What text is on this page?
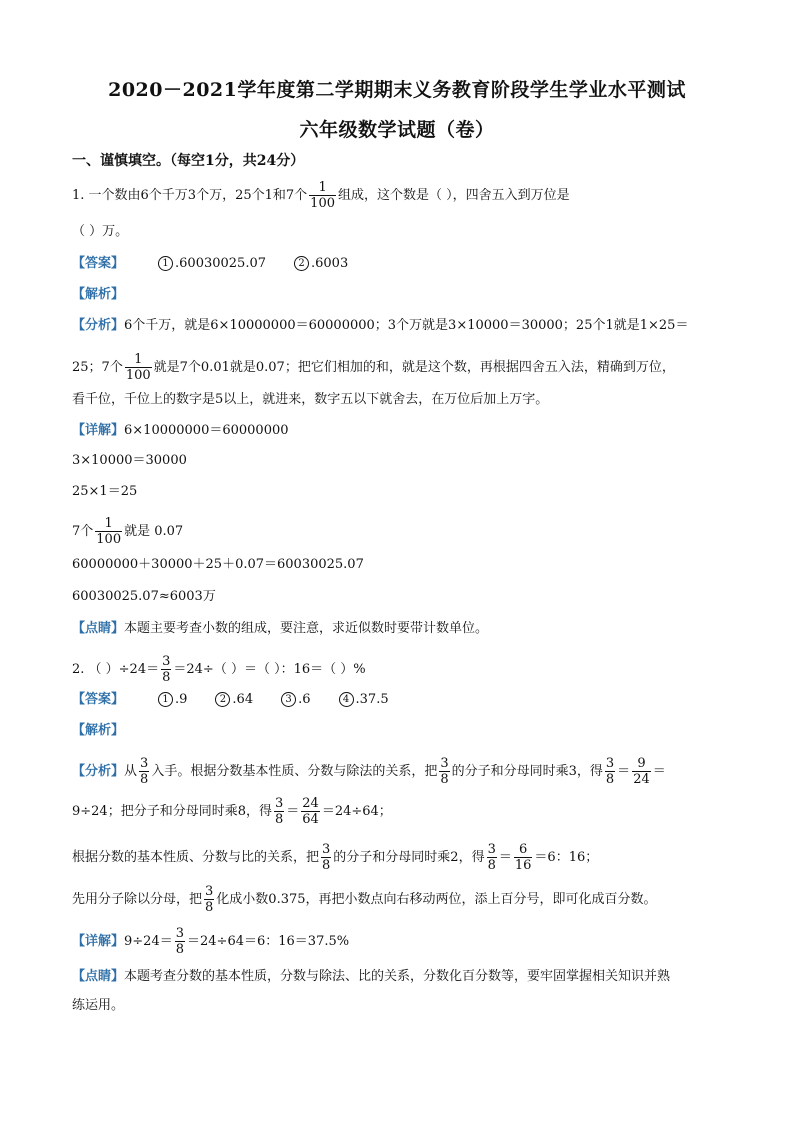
2020－2021学年度第二学期期末义务教育阶段学生学业水平测试
六年级数学试题（卷）
一、谨慎填空。（每空1分，共24分）
1. 一个数由6个千万3个万，25个1和7个 $\frac{1}{100}$ 组成，这个数是（ ），四舍五入到万位是
（ ）万。
【答案】	1 .60030025.07	2 .6003
【解析】
【分析】6个千万，就是6×10000000＝60000000；3个万就是3×10000＝30000；25个1就是1×25＝
25；7个 $\frac{1}{100}$ 就是7个0.01就是0.07；把它们相加的和，就是这个数，再根据四舍五入法，精确到万位，
看千位，千位上的数字是5以上，就进来，数字五以下就舍去，在万位后加上万字。
【详解】6×10000000＝60000000
3×10000＝30000
25×1＝25
7个 $\frac{1}{100}$ 就是 0.07
60000000＋30000＋25＋0.07＝60030025.07
60030025.07≈6003万
【点睛】本题主要考查小数的组成，要注意，求近似数时要带计数单位。
2. （ ）$\div 24= \frac{3}{8} =24\div$（ ）＝（ ）：16＝（ ）%
【答案】	1 .9	2 .64	3 .6	4 .37.5
【解析】
【分析】从 $\frac{3}{8}$ 入手。根据分数基本性质、分数与除法的关系，把 $\frac{3}{8}$ 的分子和分母同时乘3，得 $\frac{3}{8} = \frac{9}{24}$ ＝
9÷24；把分子和分母同时乘8，得 $\frac{3}{8} = \frac{24}{64} =24\div 64$；
根据分数的基本性质、分数与比的关系，把 $\frac{3}{8}$ 的分子和分母同时乘2，得 $\frac{3}{8} = \frac{6}{16} =6$：16；
先用分子除以分母，把 $\frac{3}{8}$ 化成小数0.375，再把小数点向右移动两位，添上百分号，即可化成百分数。
【详解】$9\div 24= \frac{3}{8} =24\div 64=6$：16＝37.5%
【点睛】本题考查分数的基本性质，分数与除法、比的关系，分数化百分数等，要牢固掌握相关知识并熟
练运用。
